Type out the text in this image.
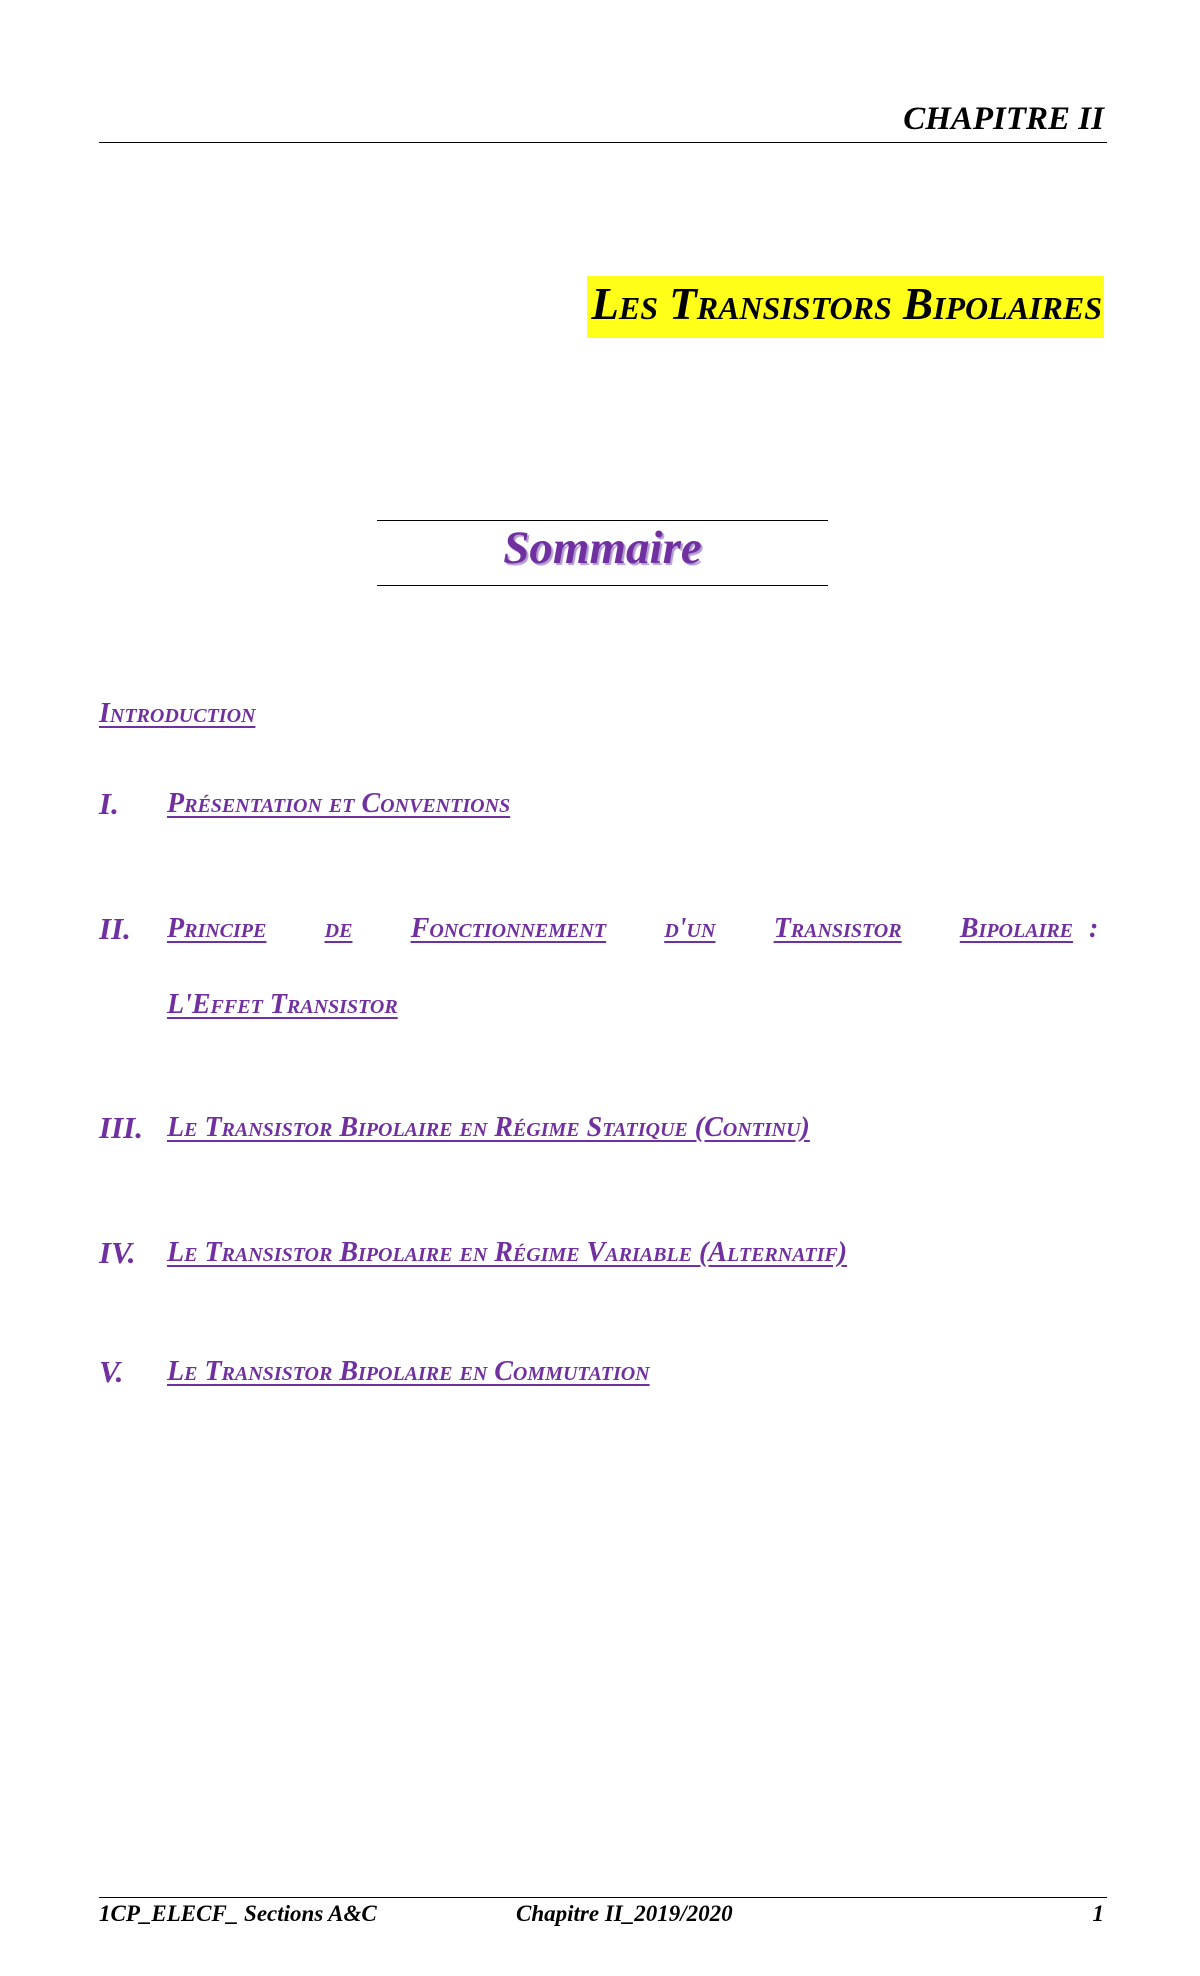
CHAPITRE II
Les Transistors Bipolaires
Sommaire
Introduction
I. Présentation et Conventions
II. Principe de Fonctionnement d'un Transistor Bipolaire :
L'Effet Transistor
III. Le Transistor Bipolaire en Régime Statique (Continu)
IV. Le Transistor Bipolaire en Régime Variable (Alternatif)
V. Le Transistor Bipolaire en Commutation
1CP_ELECF_ Sections A&C	Chapitre II_2019/2020	1
